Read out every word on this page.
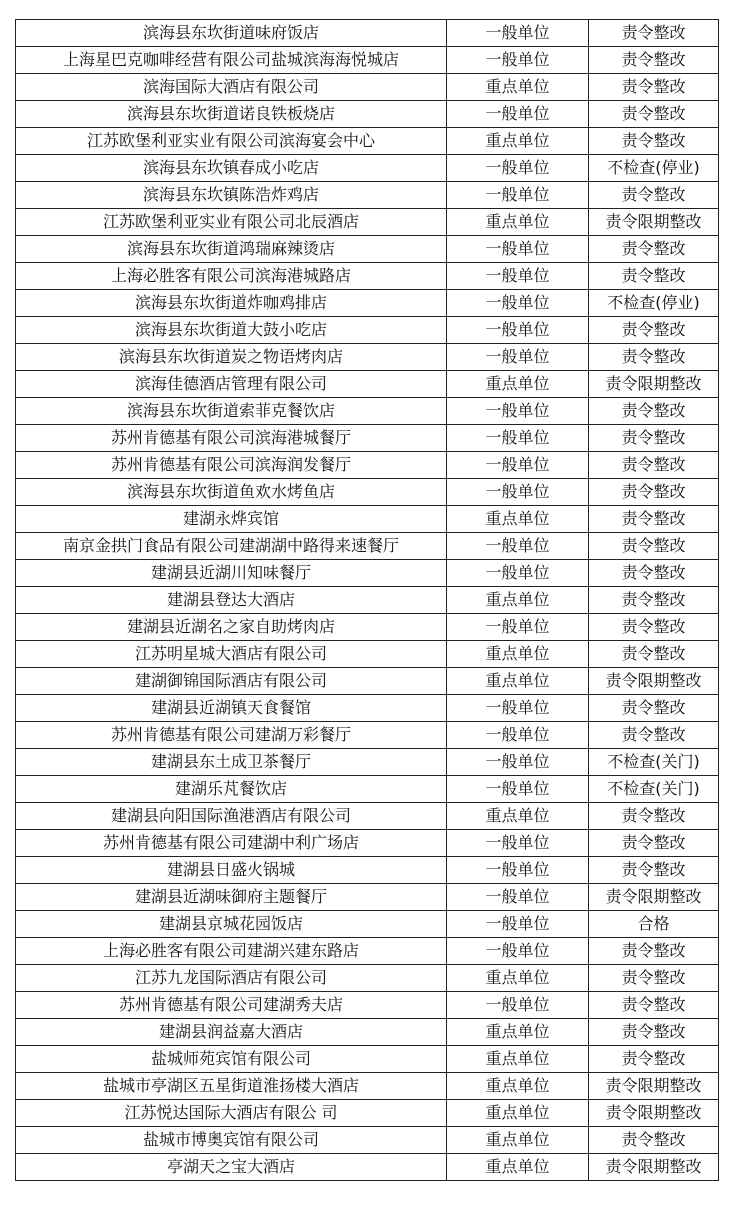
滨海县东坎街道味府饭店	一般单位	责令整改
上海星巴克咖啡经营有限公司盐城滨海海悦城店	一般单位	责令整改
滨海国际大酒店有限公司	重点单位	责令整改
滨海县东坎街道诺良铁板烧店	一般单位	责令整改
江苏欧堡利亚实业有限公司滨海宴会中心	重点单位	责令整改
滨海县东坎镇春成小吃店	一般单位	不检查(停业)
滨海县东坎镇陈浩炸鸡店	一般单位	责令整改
江苏欧堡利亚实业有限公司北辰酒店	重点单位	责令限期整改
滨海县东坎街道鸿瑞麻辣烫店	一般单位	责令整改
上海必胜客有限公司滨海港城路店	一般单位	责令整改
滨海县东坎街道炸咖鸡排店	一般单位	不检查(停业)
滨海县东坎街道大鼓小吃店	一般单位	责令整改
滨海县东坎街道炭之物语烤肉店	一般单位	责令整改
滨海佳德酒店管理有限公司	重点单位	责令限期整改
滨海县东坎街道索菲克餐饮店	一般单位	责令整改
苏州肯德基有限公司滨海港城餐厅	一般单位	责令整改
苏州肯德基有限公司滨海润发餐厅	一般单位	责令整改
滨海县东坎街道鱼欢水烤鱼店	一般单位	责令整改
建湖永烨宾馆	重点单位	责令整改
南京金拱门食品有限公司建湖湖中路得来速餐厅	一般单位	责令整改
建湖县近湖川知味餐厅	一般单位	责令整改
建湖县登达大酒店	重点单位	责令整改
建湖县近湖名之家自助烤肉店	一般单位	责令整改
江苏明星城大酒店有限公司	重点单位	责令整改
建湖御锦国际酒店有限公司	重点单位	责令限期整改
建湖县近湖镇天食餐馆	一般单位	责令整改
苏州肯德基有限公司建湖万彩餐厅	一般单位	责令整改
建湖县东土成卫茶餐厅	一般单位	不检查(关门)
建湖乐芃餐饮店	一般单位	不检查(关门)
建湖县向阳国际渔港酒店有限公司	重点单位	责令整改
苏州肯德基有限公司建湖中利广场店	一般单位	责令整改
建湖县日盛火锅城	一般单位	责令整改
建湖县近湖味御府主题餐厅	一般单位	责令限期整改
建湖县京城花园饭店	一般单位	合格
上海必胜客有限公司建湖兴建东路店	一般单位	责令整改
江苏九龙国际酒店有限公司	重点单位	责令整改
苏州肯德基有限公司建湖秀夫店	一般单位	责令整改
建湖县润益嘉大酒店	重点单位	责令整改
盐城师苑宾馆有限公司	重点单位	责令整改
盐城市亭湖区五星街道淮扬楼大酒店	重点单位	责令限期整改
江苏悦达国际大酒店有限公 司	重点单位	责令限期整改
盐城市博奥宾馆有限公司	重点单位	责令整改
亭湖天之宝大酒店	重点单位	责令限期整改
